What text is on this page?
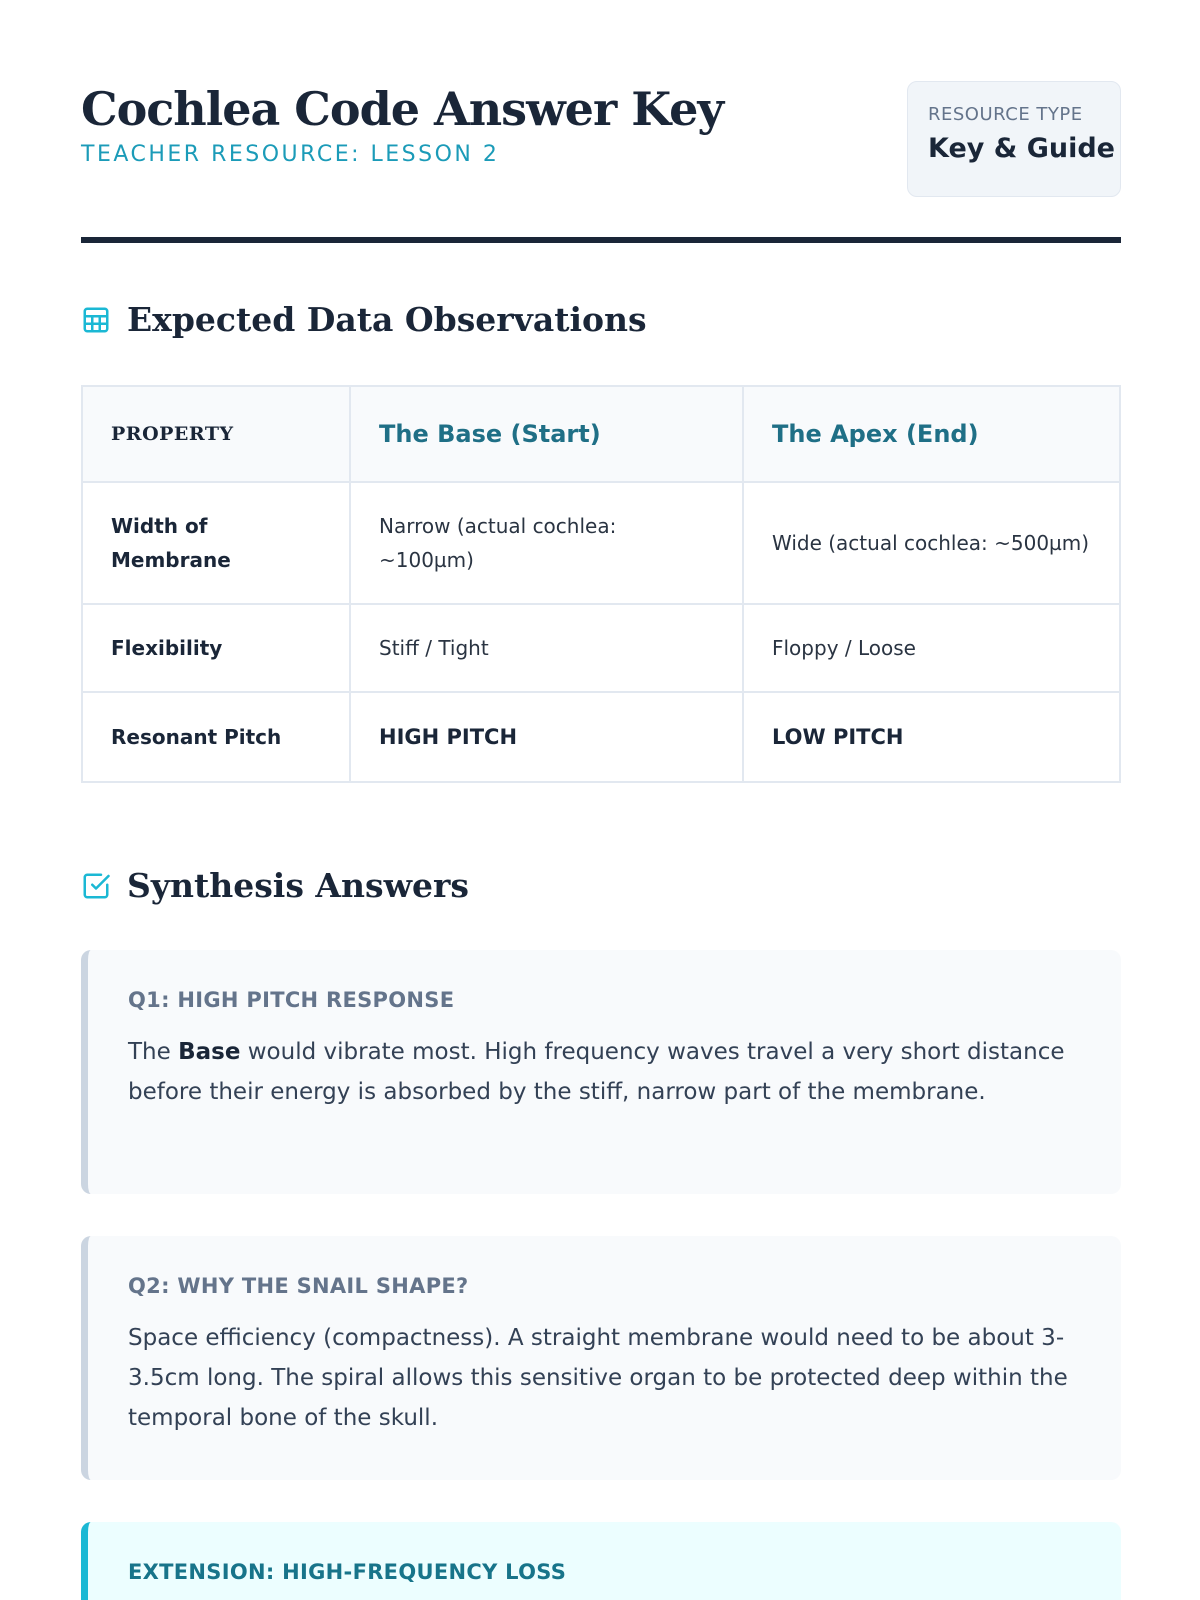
Cochlea Code Answer Key
TEACHER RESOURCE: LESSON 2
RESOURCE TYPE
Key & Guide
Expected Data Observations
PROPERTY	The Base (Start)	The Apex (End)
Width of Membrane	Narrow (actual cochlea: ~100µm)	Wide (actual cochlea: ~500µm)
Flexibility	Stiff / Tight	Floppy / Loose
Resonant Pitch	HIGH PITCH	LOW PITCH
Synthesis Answers
Q1: HIGH PITCH RESPONSE
The Base would vibrate most. High frequency waves travel a very short distance before their energy is absorbed by the stiff, narrow part of the membrane.
Q2: WHY THE SNAIL SHAPE?
Space efficiency (compactness). A straight membrane would need to be about 3-3.5cm long. The spiral allows this sensitive organ to be protected deep within the temporal bone of the skull.
EXTENSION: HIGH-FREQUENCY LOSS
